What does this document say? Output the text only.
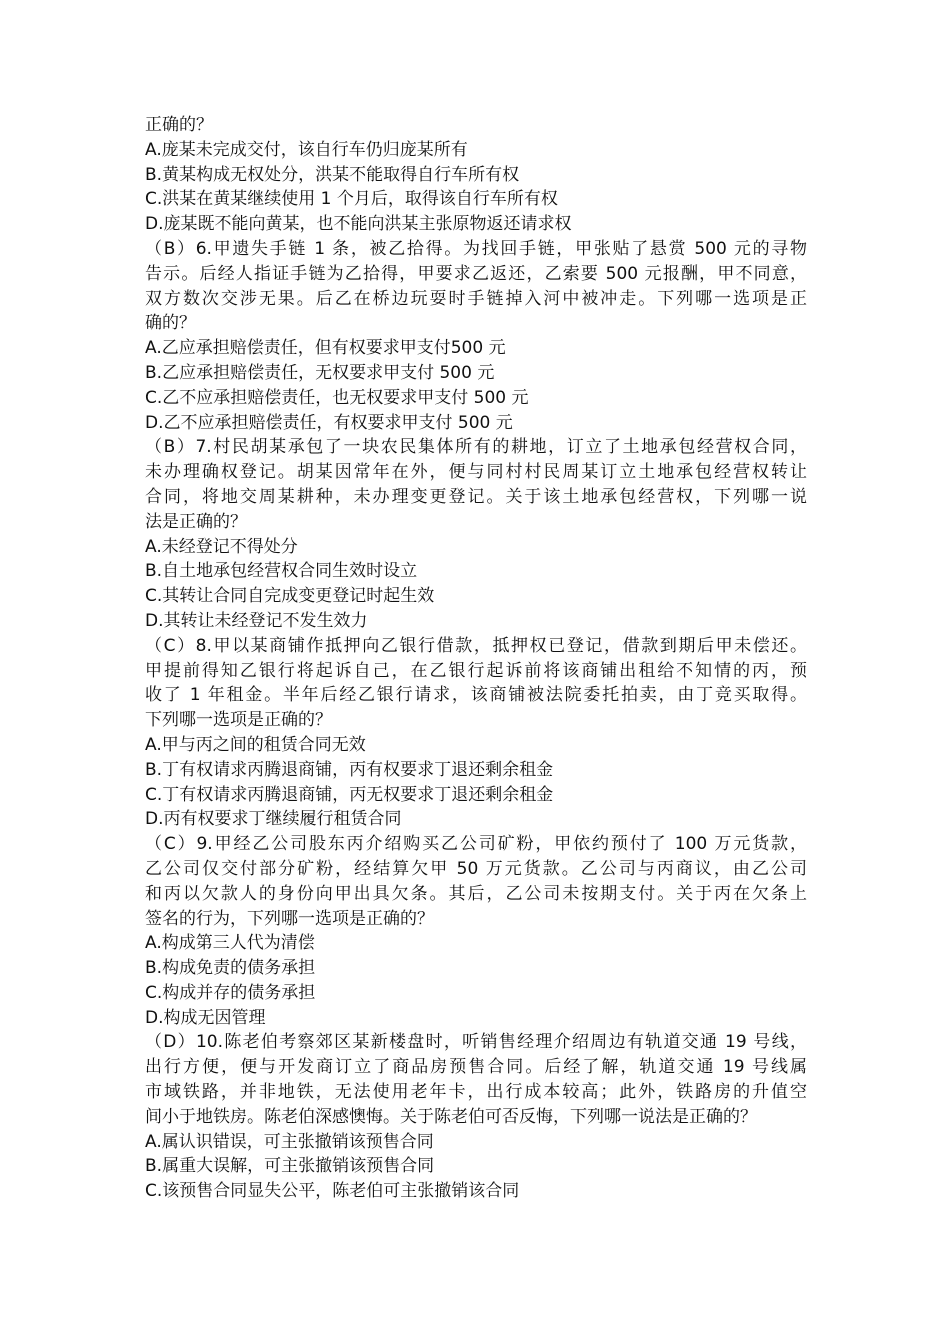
正确的？
A.庞某未完成交付，该自行车仍归庞某所有
B.黄某构成无权处分，洪某不能取得自行车所有权
C.洪某在黄某继续使用 1 个月后，取得该自行车所有权
D.庞某既不能向黄某，也不能向洪某主张原物返还请求权
（B）6.甲遗失手链 1 条，被乙拾得。为找回手链，甲张贴了悬赏 500 元的寻物
告示。后经人指证手链为乙拾得，甲要求乙返还，乙索要 500 元报酬，甲不同意，
双方数次交涉无果。后乙在桥边玩耍时手链掉入河中被冲走。下列哪一选项是正
确的？
A.乙应承担赔偿责任，但有权要求甲支付500 元
B.乙应承担赔偿责任，无权要求甲支付 500 元
C.乙不应承担赔偿责任，也无权要求甲支付 500 元
D.乙不应承担赔偿责任，有权要求甲支付 500 元
（B）7.村民胡某承包了一块农民集体所有的耕地，订立了土地承包经营权合同，
未办理确权登记。胡某因常年在外，便与同村村民周某订立土地承包经营权转让
合同，将地交周某耕种，未办理变更登记。关于该土地承包经营权，下列哪一说
法是正确的？
A.未经登记不得处分
B.自土地承包经营权合同生效时设立
C.其转让合同自完成变更登记时起生效
D.其转让未经登记不发生效力
（C）8.甲以某商铺作抵押向乙银行借款，抵押权已登记，借款到期后甲未偿还。
甲提前得知乙银行将起诉自己，在乙银行起诉前将该商铺出租给不知情的丙，预
收了 1 年租金。半年后经乙银行请求，该商铺被法院委托拍卖，由丁竞买取得。
下列哪一选项是正确的？
A.甲与丙之间的租赁合同无效
B.丁有权请求丙腾退商铺，丙有权要求丁退还剩余租金
C.丁有权请求丙腾退商铺，丙无权要求丁退还剩余租金
D.丙有权要求丁继续履行租赁合同
（C）9.甲经乙公司股东丙介绍购买乙公司矿粉，甲依约预付了 100 万元货款，
乙公司仅交付部分矿粉，经结算欠甲 50 万元货款。乙公司与丙商议，由乙公司
和丙以欠款人的身份向甲出具欠条。其后，乙公司未按期支付。关于丙在欠条上
签名的行为，下列哪一选项是正确的？
A.构成第三人代为清偿
B.构成免责的债务承担
C.构成并存的债务承担
D.构成无因管理
（D）10.陈老伯考察郊区某新楼盘时，听销售经理介绍周边有轨道交通 19 号线，
出行方便，便与开发商订立了商品房预售合同。后经了解，轨道交通 19 号线属
市域铁路，并非地铁，无法使用老年卡，出行成本较高；此外，铁路房的升值空
间小于地铁房。陈老伯深感懊悔。关于陈老伯可否反悔，下列哪一说法是正确的？
A.属认识错误，可主张撤销该预售合同
B.属重大误解，可主张撤销该预售合同
C.该预售合同显失公平，陈老伯可主张撤销该合同
